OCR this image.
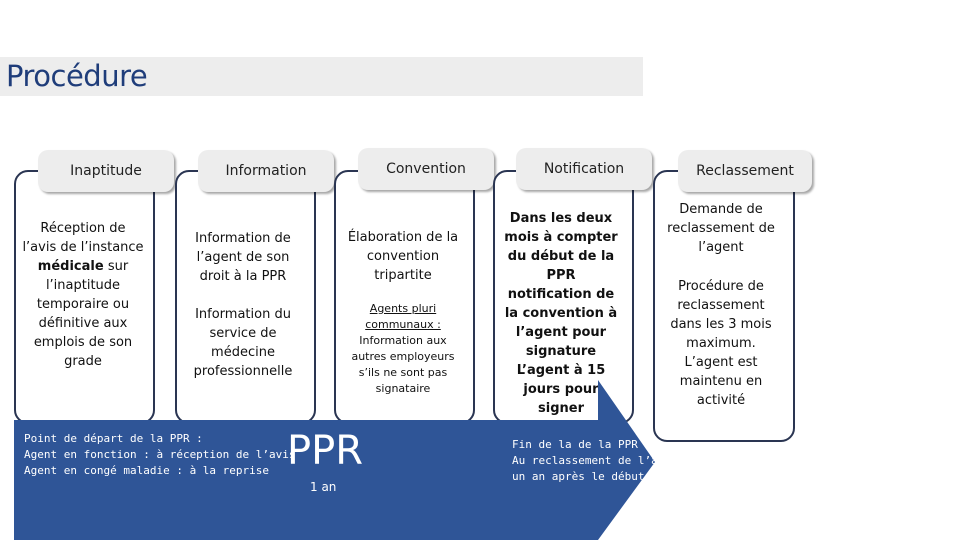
Procédure
Inaptitude
Réception de l’avis de l’instance médicale sur l’inaptitude temporaire ou définitive aux emplois de son grade
Information
Information de l’agent de son droit à la PPR
Information du service de médecine professionnelle
Convention
Élaboration de la convention tripartite
Agents pluri communaux :
Information aux autres employeurs s’ils ne sont pas signataire
Notification
Dans les deux mois à compter du début de la PPR notification de la convention à l’agent pour signature L’agent à 15 jours pour signer
Reclassement
Demande de reclassement de l’agent
Procédure de reclassement dans les 3 mois maximum. L’agent est maintenu en activité
Point de départ de la PPR :
Agent en fonction : à réception de l’avis
Agent en congé maladie : à la reprise PPR
1 an
Fin de la de la PPR :
Au reclassement de l’age
un an après le début.
